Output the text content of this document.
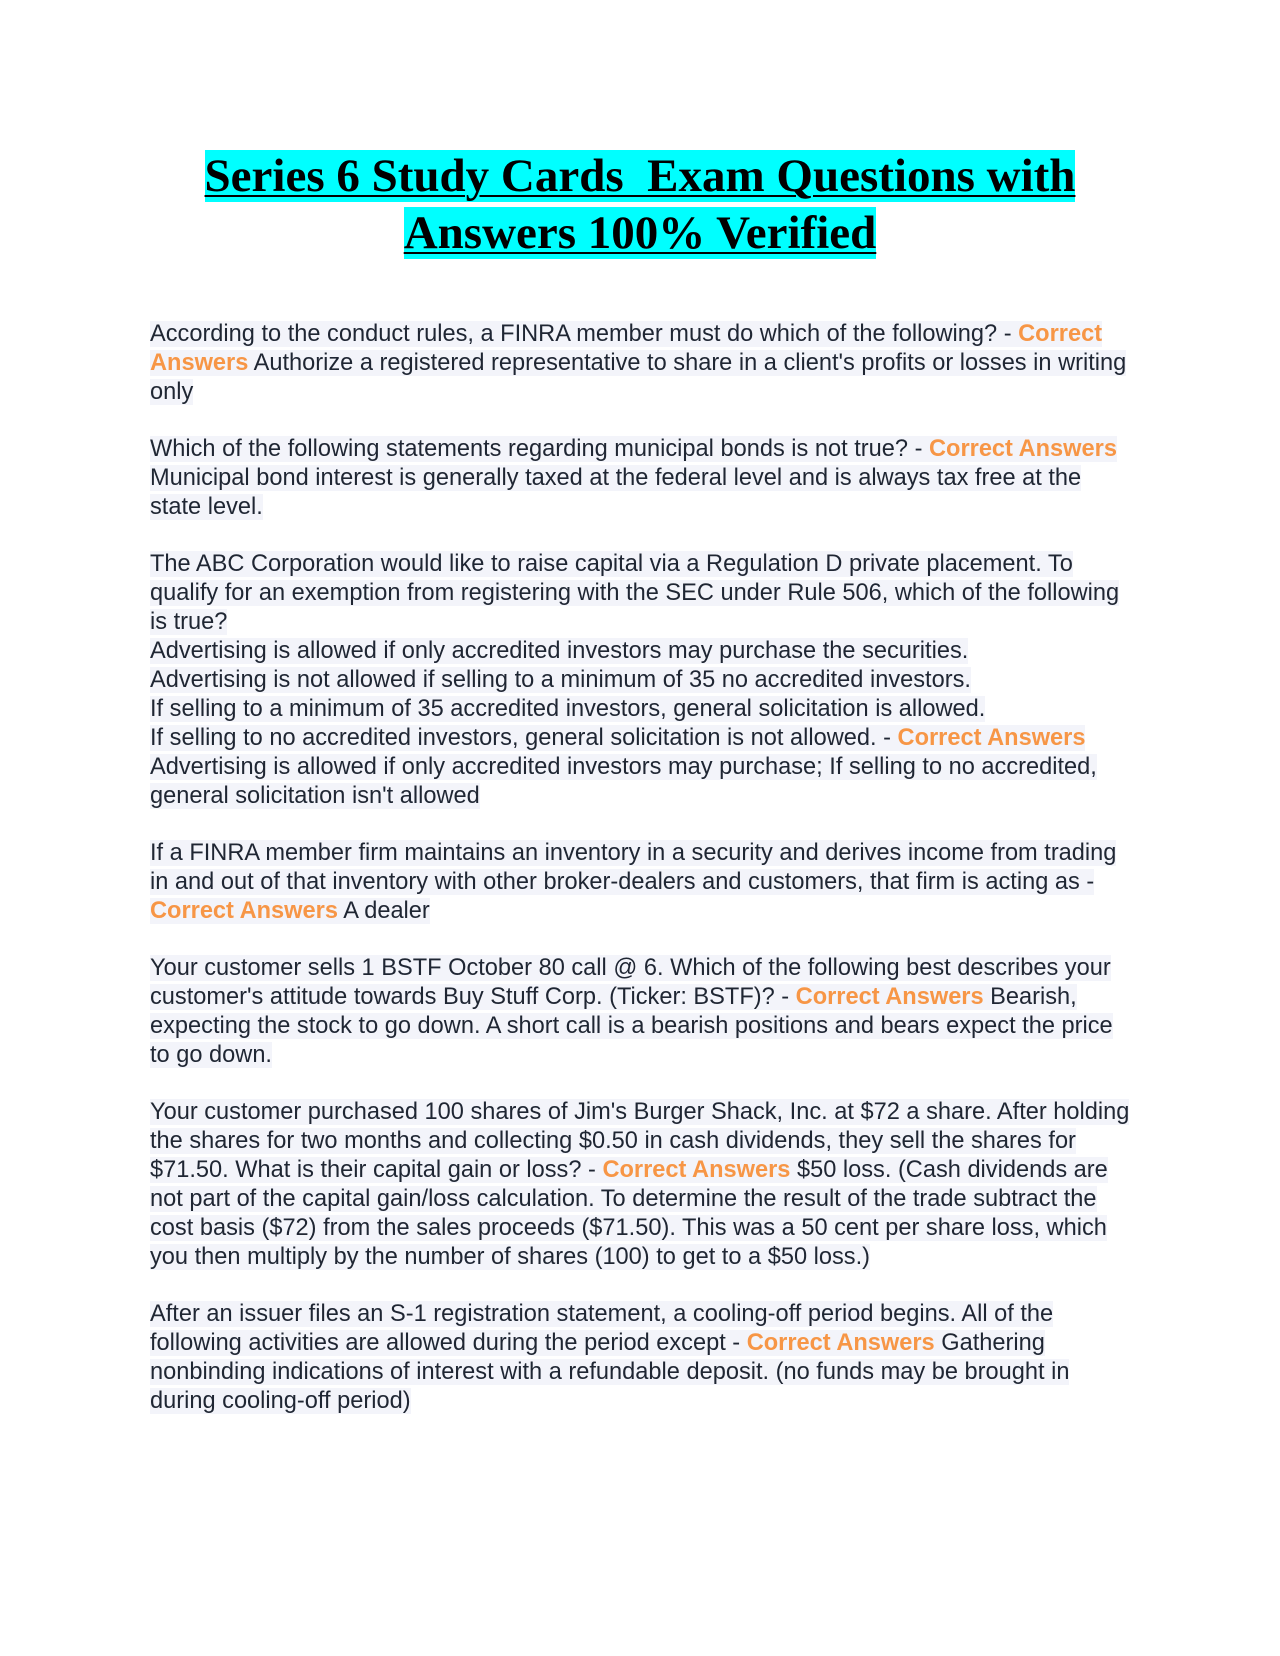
Series 6 Study Cards  Exam Questions with
Answers 100% Verified

According to the conduct rules, a FINRA member must do which of the following? - Correct Answers Authorize a registered representative to share in a client's profits or losses in writing only

Which of the following statements regarding municipal bonds is not true? - Correct Answers Municipal bond interest is generally taxed at the federal level and is always tax free at the state level.

The ABC Corporation would like to raise capital via a Regulation D private placement. To qualify for an exemption from registering with the SEC under Rule 506, which of the following is true?
Advertising is allowed if only accredited investors may purchase the securities.
Advertising is not allowed if selling to a minimum of 35 no accredited investors.
If selling to a minimum of 35 accredited investors, general solicitation is allowed.
If selling to no accredited investors, general solicitation is not allowed. - Correct Answers Advertising is allowed if only accredited investors may purchase; If selling to no accredited, general solicitation isn't allowed

If a FINRA member firm maintains an inventory in a security and derives income from trading in and out of that inventory with other broker-dealers and customers, that firm is acting as - Correct Answers A dealer

Your customer sells 1 BSTF October 80 call @ 6. Which of the following best describes your customer's attitude towards Buy Stuff Corp. (Ticker: BSTF)? - Correct Answers Bearish, expecting the stock to go down. A short call is a bearish positions and bears expect the price to go down.

Your customer purchased 100 shares of Jim's Burger Shack, Inc. at $72 a share. After holding the shares for two months and collecting $0.50 in cash dividends, they sell the shares for $71.50. What is their capital gain or loss? - Correct Answers $50 loss. (Cash dividends are not part of the capital gain/loss calculation. To determine the result of the trade subtract the cost basis ($72) from the sales proceeds ($71.50). This was a 50 cent per share loss, which you then multiply by the number of shares (100) to get to a $50 loss.)

After an issuer files an S-1 registration statement, a cooling-off period begins. All of the following activities are allowed during the period except - Correct Answers Gathering nonbinding indications of interest with a refundable deposit. (no funds may be brought in during cooling-off period)
